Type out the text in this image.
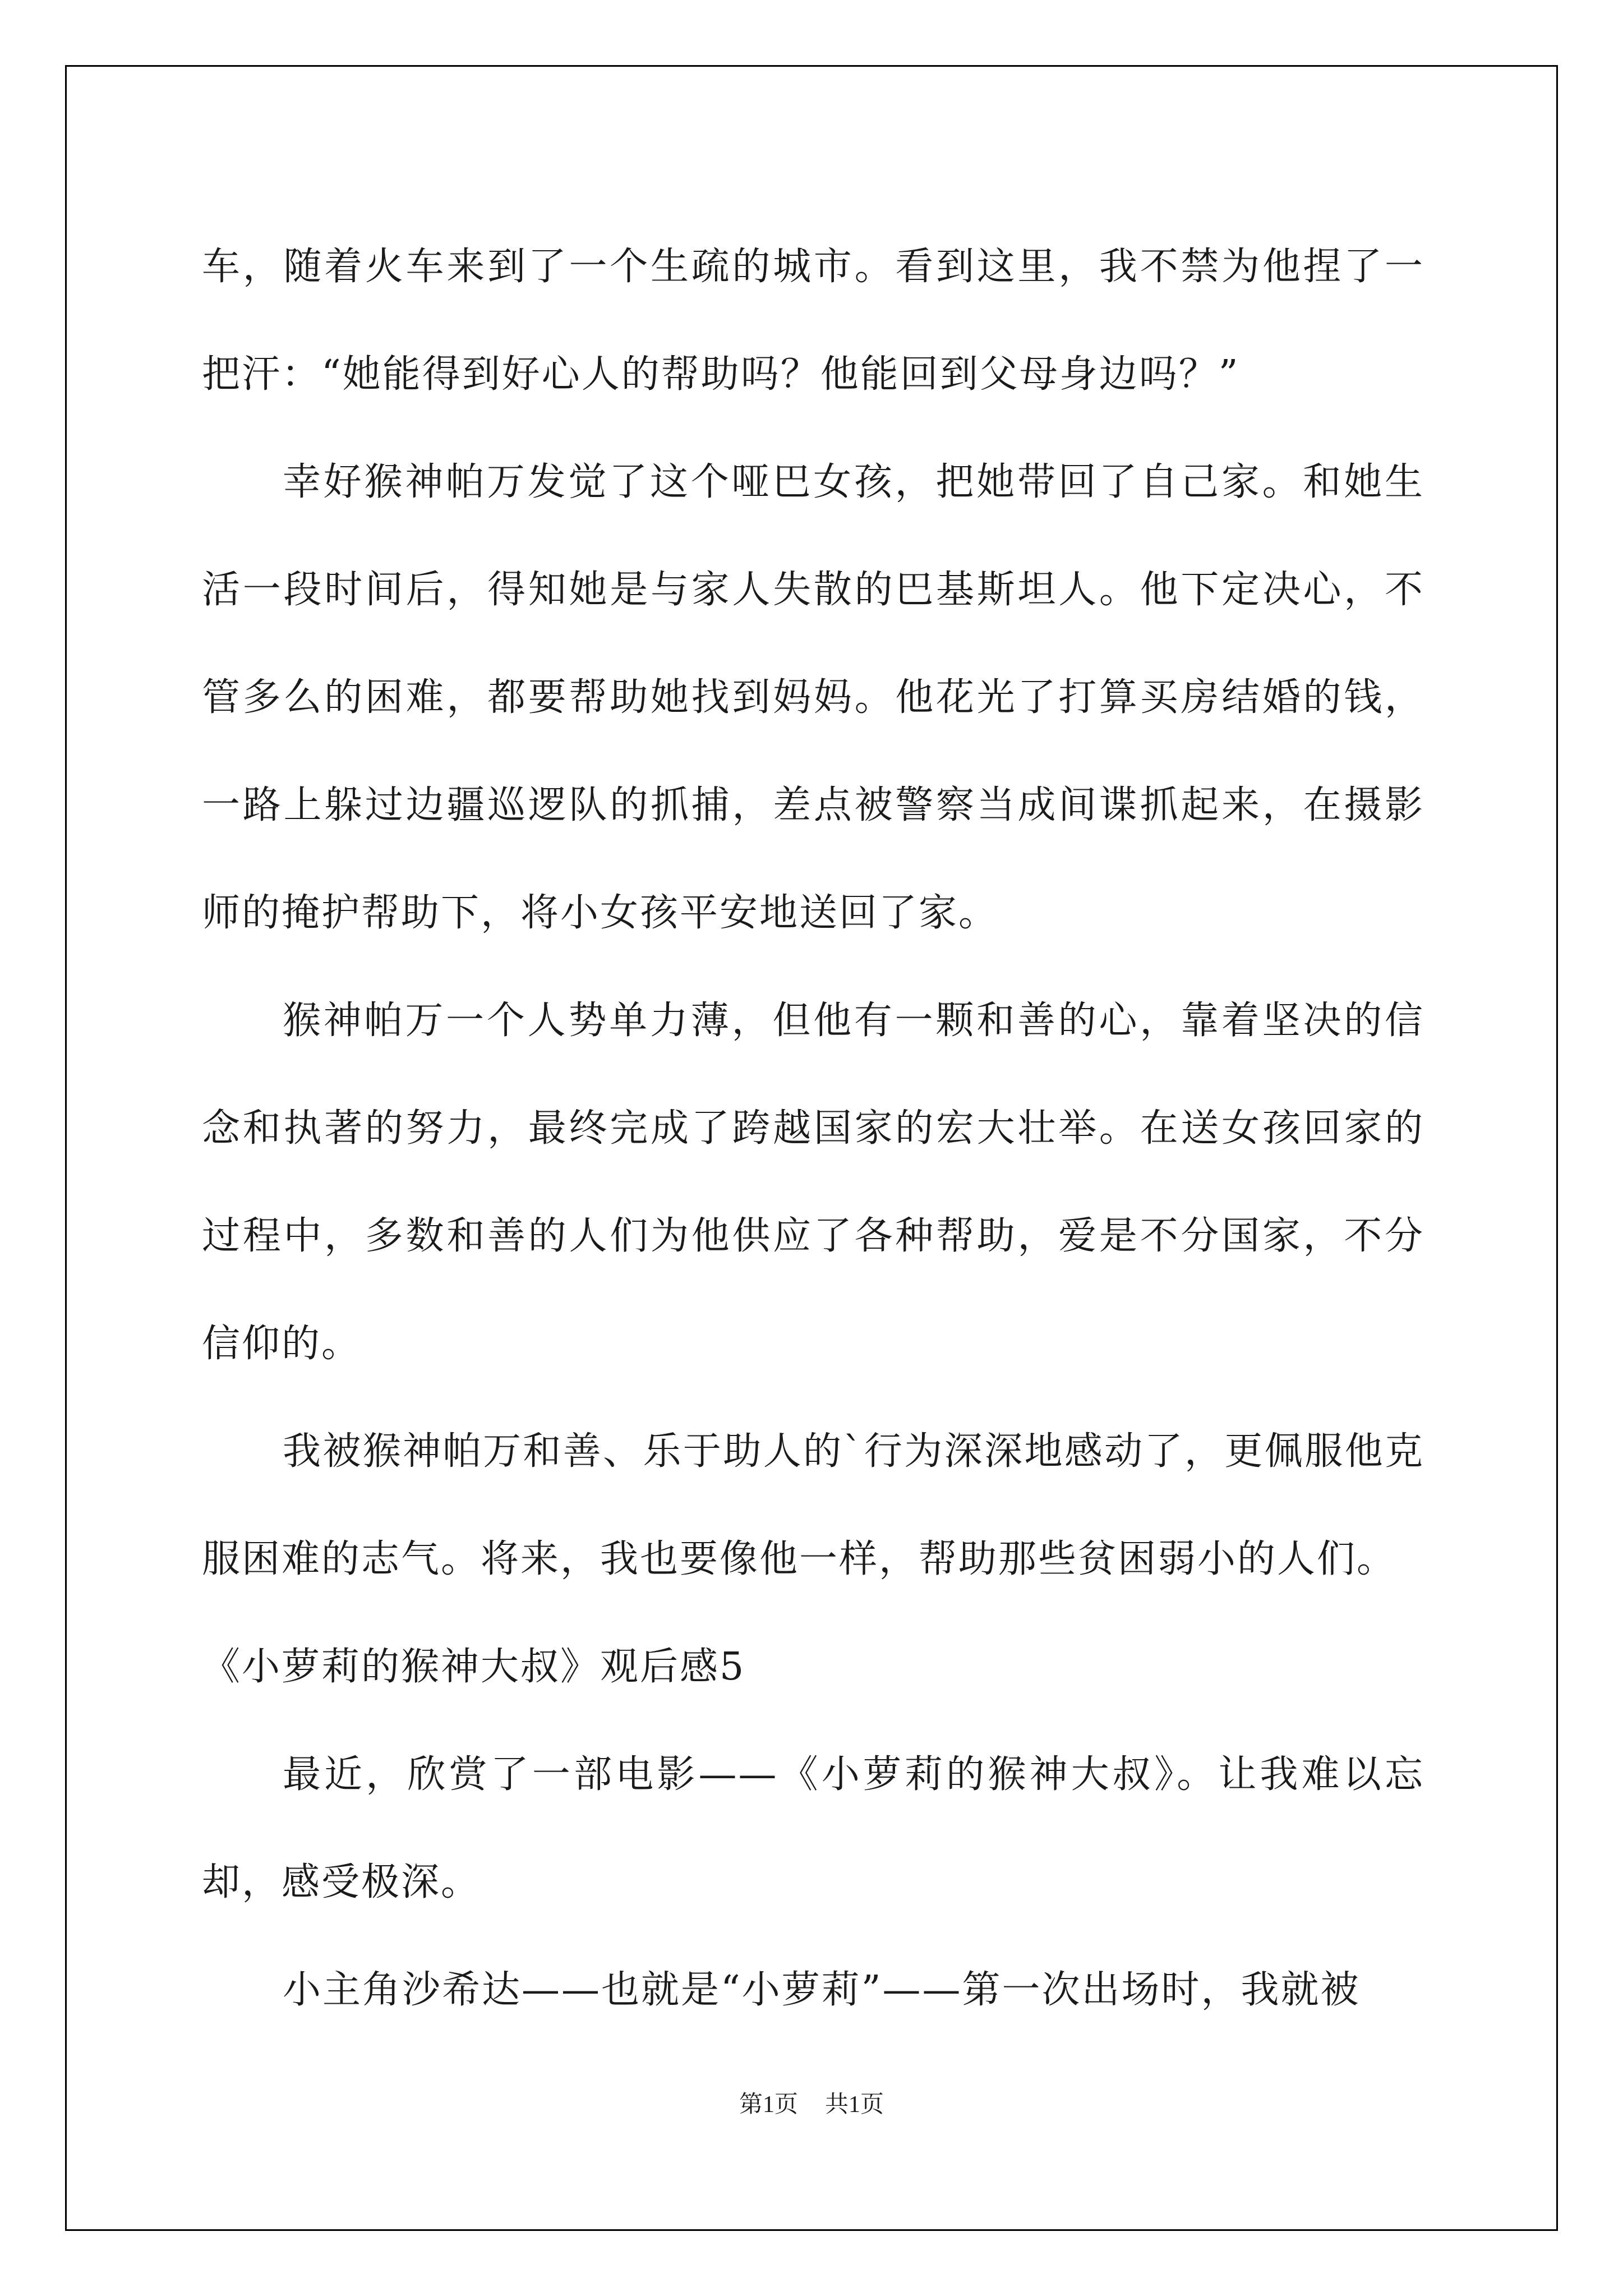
车，随着火车来到了一个生疏的城市。看到这里，我不禁为他捏了一把汗：“她能得到好心人的帮助吗？他能回到父母身边吗？”

幸好猴神帕万发觉了这个哑巴女孩，把她带回了自己家。和她生活一段时间后，得知她是与家人失散的巴基斯坦人。他下定决心，不管多么的困难，都要帮助她找到妈妈。他花光了打算买房结婚的钱，一路上躲过边疆巡逻队的抓捕，差点被警察当成间谍抓起来，在摄影师的掩护帮助下，将小女孩平安地送回了家。

猴神帕万一个人势单力薄，但他有一颗和善的心，靠着坚决的信念和执著的努力，最终完成了跨越国家的宏大壮举。在送女孩回家的过程中，多数和善的人们为他供应了各种帮助，爱是不分国家，不分信仰的。

我被猴神帕万和善、乐于助人的`行为深深地感动了，更佩服他克服困难的志气。将来，我也要像他一样，帮助那些贫困弱小的人们。

《小萝莉的猴神大叔》观后感5

最近，欣赏了一部电影——《小萝莉的猴神大叔》。让我难以忘却，感受极深。

小主角沙希达——也就是“小萝莉”——第一次出场时，我就被

第1页 共1页
